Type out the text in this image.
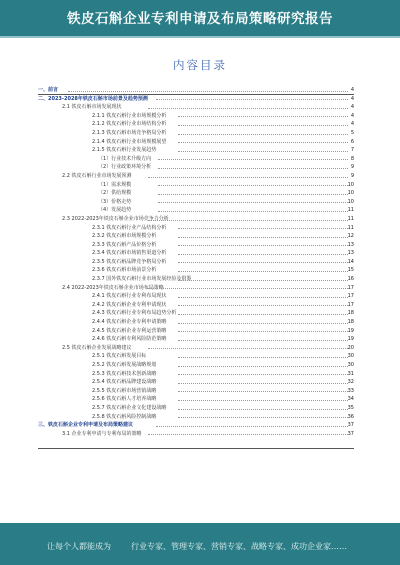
铁皮石斛企业专利申请及布局策略研究报告
内容目录
一、前言	4
二、2023-2028年铁皮石斛市场前景及趋势预测	4
2.1 铁皮石斛市场发展现状	4
2.1.1 铁皮石斛行业市场规模分析	4
2.1.2 铁皮石斛行业市场结构分析	4
2.1.3 铁皮石斛市场竞争格局分析	5
2.1.4 铁皮石斛行业市场规模展望	6
2.1.5 铁皮石斛行业发展趋势	7
（1）行业技术升级方向	8
（2）行业政策环境分析	9
2.2 铁皮石斛行业市场发展预测	9
（1）需求规模	10
（2）供给规模	10
（3）价格走势	10
（4）发展趋势	11
2.3 2022-2023年铁皮石斛企业市场竞争力分析	11
2.3.1 铁皮石斛行业产品结构分析	11
2.3.2 铁皮石斛市场规模分析	12
2.3.3 铁皮石斛产品价格分析	13
2.3.4 铁皮石斛市场销售渠道分析	13
2.3.5 铁皮石斛品牌竞争格局分析	14
2.3.6 铁皮石斛市场前景分析	15
2.3.7 国外铁皮石斛行业市场发展经验及借鉴	16
2.4 2022-2023年铁皮石斛企业市场布局策略	17
2.4.1 铁皮石斛行业专利布局现状	17
2.4.2 铁皮石斛企业专利申请现状	17
2.4.3 铁皮石斛行业专利布局趋势分析	18
2.4.4 铁皮石斛企业专利申请策略	18
2.4.5 铁皮石斛企业专利运营策略	19
2.4.6 铁皮石斛专利风险防范策略	19
2.5 铁皮石斛企业发展战略建议	20
2.5.1 铁皮石斛发展目标	30
2.5.2 铁皮石斛发展战略规划	30
2.5.3 铁皮石斛技术创新战略	31
2.5.4 铁皮石斛品牌建设战略	32
2.5.5 铁皮石斛市场营销战略	33
2.5.6 铁皮石斛人才培养战略	34
2.5.7 铁皮石斛企业文化建设战略	35
2.5.8 铁皮石斛风险控制战略	36
三、铁皮石斛企业专利申请及布局策略建议	37
3.1 企业专利申请与专利布局的策略	37
让每个人都能成为	行业专家、管理专家、营销专家、战略专家、成功企业家……
